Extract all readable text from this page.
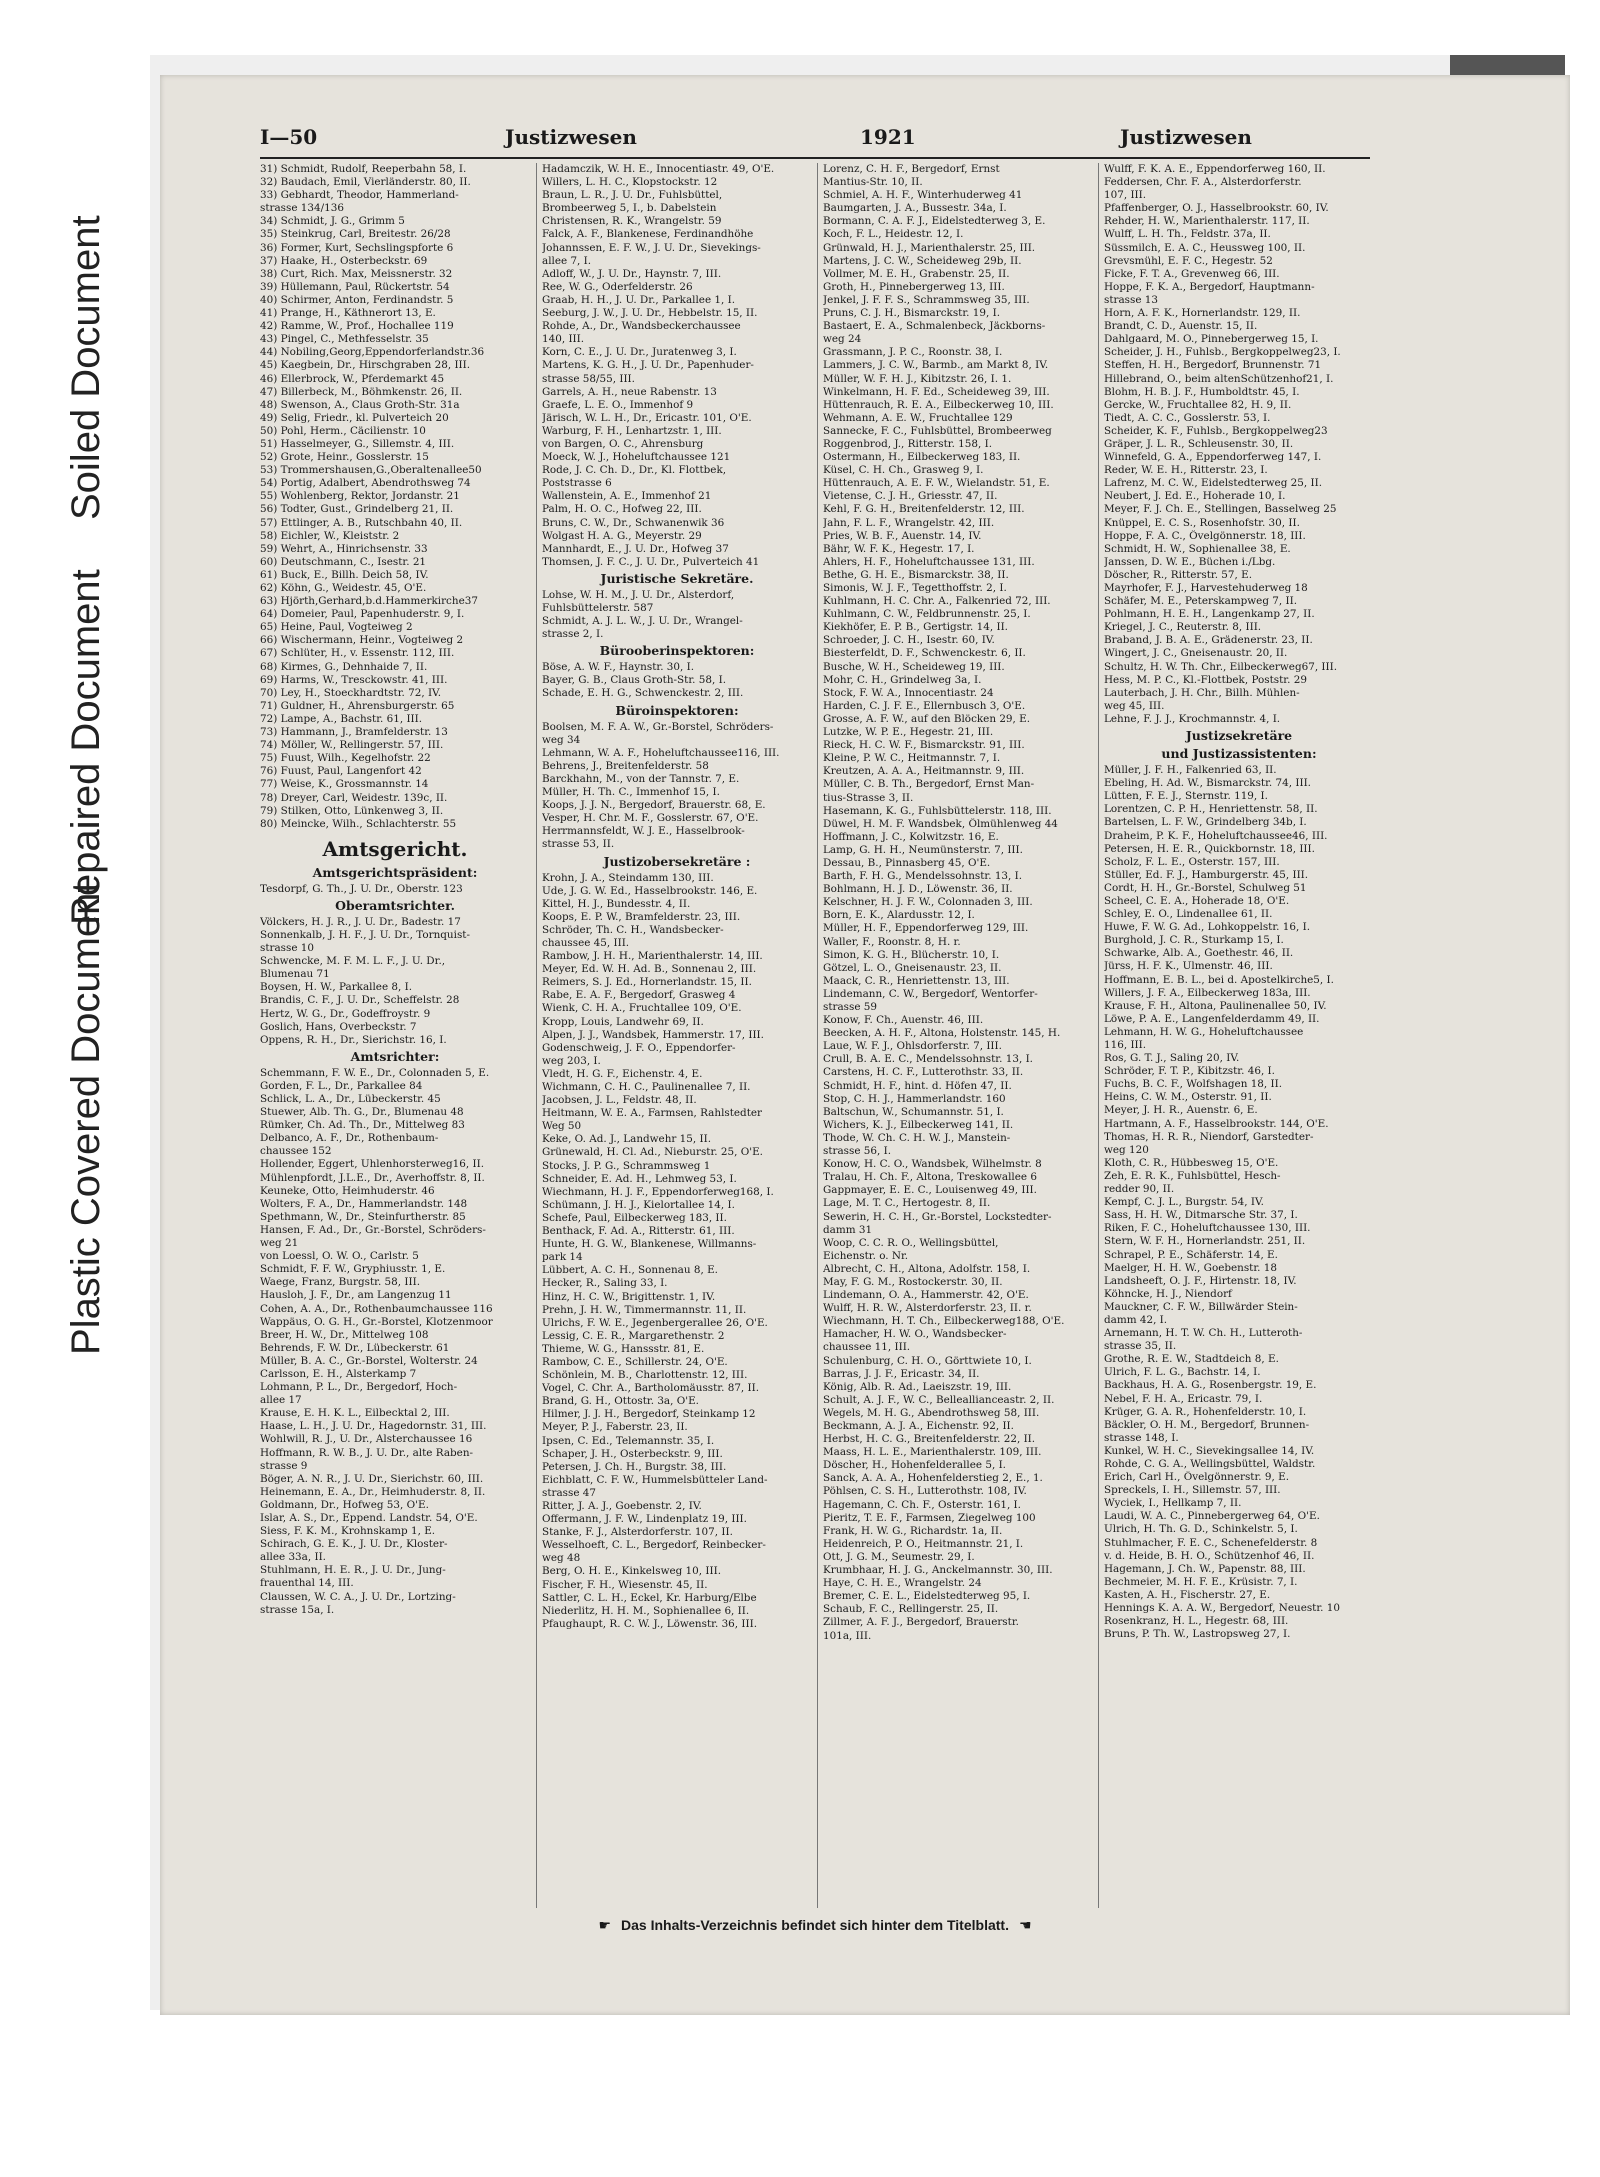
Plastic Covered Document
Repaired Document
Soiled Document
I—50	Justizwesen	1921	Justizwesen
31) Schmidt, Rudolf, Reeperbahn 58, I.
32) Baudach, Emil, Vierländerstr. 80, II.
33) Gebhardt, Theodor, Hammerland-
strasse 134/136
34) Schmidt, J. G., Grimm 5
35) Steinkrug, Carl, Breitestr. 26/28
36) Former, Kurt, Sechslingspforte 6
37) Haake, H., Osterbeckstr. 69
38) Curt, Rich. Max, Meissnerstr. 32
39) Hüllemann, Paul, Rückertstr. 54
40) Schirmer, Anton, Ferdinandstr. 5
41) Prange, H., Käthnerort 13, E.
42) Ramme, W., Prof., Hochallee 119
43) Pingel, C., Methfesselstr. 35
44) Nobiling,Georg,Eppendorferlandstr.36
45) Kaegbein, Dr., Hirschgraben 28, III.
46) Ellerbrock, W., Pferdemarkt 45
47) Billerbeck, M., Böhmkenstr. 26, II.
48) Swenson, A., Claus Groth-Str. 31a
49) Selig, Friedr., kl. Pulverteich 20
50) Pohl, Herm., Cäcilienstr. 10
51) Hasselmeyer, G., Sillemstr. 4, III.
52) Grote, Heinr., Gosslerstr. 15
53) Trommershausen,G.,Oberaltenallee50
54) Portig, Adalbert, Abendrothsweg 74
55) Wohlenberg, Rektor, Jordanstr. 21
56) Todter, Gust., Grindelberg 21, II.
57) Ettlinger, A. B., Rutschbahn 40, II.
58) Eichler, W., Kleiststr. 2
59) Wehrt, A., Hinrichsenstr. 33
60) Deutschmann, C., Isestr. 21
61) Buck, E., Billh. Deich 58, IV.
62) Köhn, G., Weidestr. 45, O'E.
63) Hjörth,Gerhard,b.d.Hammerkirche37
64) Domeier, Paul, Papenhuderstr. 9, I.
65) Heine, Paul, Vogteiweg 2
66) Wischermann, Heinr., Vogteiweg 2
67) Schlüter, H., v. Essenstr. 112, III.
68) Kirmes, G., Dehnhaide 7, II.
69) Harms, W., Tresckowstr. 41, III.
70) Ley, H., Stoeckhardtstr. 72, IV.
71) Guldner, H., Ahrensburgerstr. 65
72) Lampe, A., Bachstr. 61, III.
73) Hammann, J., Bramfelderstr. 13
74) Möller, W., Rellingerstr. 57, III.
75) Fuust, Wilh., Kegelhofstr. 22
76) Fuust, Paul, Langenfort 42
77) Weise, K., Grossmannstr. 14
78) Dreyer, Carl, Weidestr. 139c, II.
79) Stilken, Otto, Lünkenweg 3, II.
80) Meincke, Wilh., Schlachterstr. 55
Amtsgericht.
Amtsgerichtspräsident:
Tesdorpf, G. Th., J. U. Dr., Oberstr. 123
Oberamtsrichter.
Völckers, H. J. R., J. U. Dr., Badestr. 17
Sonnenkalb, J. H. F., J. U. Dr., Tornquist-
strasse 10
Schwencke, M. F. M. L. F., J. U. Dr.,
Blumenau 71
Boysen, H. W., Parkallee 8, I.
Brandis, C. F., J. U. Dr., Scheffelstr. 28
Hertz, W. G., Dr., Godeffroystr. 9
Goslich, Hans, Overbeckstr. 7
Oppens, R. H., Dr., Sierichstr. 16, I.
Amtsrichter:
Schemmann, F. W. E., Dr., Colonnaden 5, E.
Gorden, F. L., Dr., Parkallee 84
Schlick, L. A., Dr., Lübeckerstr. 45
Stuewer, Alb. Th. G., Dr., Blumenau 48
Rümker, Ch. Ad. Th., Dr., Mittelweg 83
Delbanco, A. F., Dr., Rothenbaum-
chaussee 152
Hollender, Eggert, Uhlenhorsterweg16, II.
Mühlenpfordt, J.L.E., Dr., Averhoffstr. 8, II.
Keuneke, Otto, Heimhuderstr. 46
Wolters, F. A., Dr., Hammerlandstr. 148
Spethmann, W., Dr., Steinfurtherstr. 85
Hansen, F. Ad., Dr., Gr.-Borstel, Schröders-
weg 21
von Loessl, O. W. O., Carlstr. 5
Schmidt, F. F. W., Gryphiusstr. 1, E.
Waege, Franz, Burgstr. 58, III.
Hausloh, J. F., Dr., am Langenzug 11
Cohen, A. A., Dr., Rothenbaumchaussee 116
Wappäus, O. G. H., Gr.-Borstel, Klotzenmoor
Breer, H. W., Dr., Mittelweg 108
Behrends, F. W. Dr., Lübeckerstr. 61
Müller, B. A. C., Gr.-Borstel, Wolterstr. 24
Carlsson, E. H., Alsterkamp 7
Lohmann, P. L., Dr., Bergedorf, Hoch-
allee 17
Krause, E. H. K. L., Eilbecktal 2, III.
Haase, L. H., J. U. Dr., Hagedornstr. 31, III.
Wohlwill, R. J., U. Dr., Alsterchaussee 16
Hoffmann, R. W. B., J. U. Dr., alte Raben-
strasse 9
Böger, A. N. R., J. U. Dr., Sierichstr. 60, III.
Heinemann, E. A., Dr., Heimhuderstr. 8, II.
Goldmann, Dr., Hofweg 53, O'E.
Islar, A. S., Dr., Eppend. Landstr. 54, O'E.
Siess, F. K. M., Krohnskamp 1, E.
Schirach, G. E. K., J. U. Dr., Kloster-
allee 33a, II.
Stuhlmann, H. E. R., J. U. Dr., Jung-
frauenthal 14, III.
Claussen, W. C. A., J. U. Dr., Lortzing-
strasse 15a, I.
Hadamczik, W. H. E., Innocentiastr. 49, O'E.
Willers, L. H. C., Klopstockstr. 12
Braun, L. R., J. U. Dr., Fuhlsbüttel,
Brombeerweg 5, I., b. Dabelstein
Christensen, R. K., Wrangelstr. 59
Falck, A. F., Blankenese, Ferdinandhöhe
Johannssen, E. F. W., J. U. Dr., Sievekings-
allee 7, I.
Adloff, W., J. U. Dr., Haynstr. 7, III.
Ree, W. G., Oderfelderstr. 26
Graab, H. H., J. U. Dr., Parkallee 1, I.
Seeburg, J. W., J. U. Dr., Hebbelstr. 15, II.
Rohde, A., Dr., Wandsbeckerchaussee
140, III.
Korn, C. E., J. U. Dr., Juratenweg 3, I.
Martens, K. G. H., J. U. Dr., Papenhuder-
strasse 58/55, III.
Garrels, A. H., neue Rabenstr. 13
Graefe, L. E. O., Immenhof 9
Järisch, W. L. H., Dr., Ericastr. 101, O'E.
Warburg, F. H., Lenhartzstr. 1, III.
von Bargen, O. C., Ahrensburg
Moeck, W. J., Hoheluftchaussee 121
Rode, J. C. Ch. D., Dr., Kl. Flottbek,
Poststrasse 6
Wallenstein, A. E., Immenhof 21
Palm, H. O. C., Hofweg 22, III.
Bruns, C. W., Dr., Schwanenwik 36
Wolgast H. A. G., Meyerstr. 29
Mannhardt, E., J. U. Dr., Hofweg 37
Thomsen, J. F. C., J. U. Dr., Pulverteich 41
Juristische Sekretäre.
Lohse, W. H. M., J. U. Dr., Alsterdorf,
Fuhlsbüttelerstr. 587
Schmidt, A. J. L. W., J. U. Dr., Wrangel-
strasse 2, I.
Bürooberinspektoren:
Böse, A. W. F., Haynstr. 30, I.
Bayer, G. B., Claus Groth-Str. 58, I.
Schade, E. H. G., Schwenckestr. 2, III.
Büroinspektoren:
Boolsen, M. F. A. W., Gr.-Borstel, Schröders-
weg 34
Lehmann, W. A. F., Hoheluftchaussee116, III.
Behrens, J., Breitenfelderstr. 58
Barckhahn, M., von der Tannstr. 7, E.
Müller, H. Th. C., Immenhof 15, I.
Koops, J. J. N., Bergedorf, Brauerstr. 68, E.
Vesper, H. Chr. M. F., Gosslerstr. 67, O'E.
Herrmannsfeldt, W. J. E., Hasselbrook-
strasse 53, II.
Justizobersekretäre :
Krohn, J. A., Steindamm 130, III.
Ude, J. G. W. Ed., Hasselbrookstr. 146, E.
Kittel, H. J., Bundesstr. 4, II.
Koops, E. P. W., Bramfelderstr. 23, III.
Schröder, Th. C. H., Wandsbecker-
chaussee 45, III.
Rambow, J. H. H., Marienthalerstr. 14, III.
Meyer, Ed. W. H. Ad. B., Sonnenau 2, III.
Reimers, S. J. Ed., Hornerlandstr. 15, II.
Rabe, E. A. F., Bergedorf, Grasweg 4
Wienk, C. H. A., Fruchtallee 109, O'E.
Kropp, Louis, Landwehr 69, II.
Alpen, J. J., Wandsbek, Hammerstr. 17, III.
Godenschweig, J. F. O., Eppendorfer-
weg 203, I.
Vledt, H. G. F., Eichenstr. 4, E.
Wichmann, C. H. C., Paulinenallee 7, II.
Jacobsen, J. L., Feldstr. 48, II.
Heitmann, W. E. A., Farmsen, Rahlstedter
Weg 50
Keke, O. Ad. J., Landwehr 15, II.
Grünewald, H. Cl. Ad., Nieburstr. 25, O'E.
Stocks, J. P. G., Schrammsweg 1
Schneider, E. Ad. H., Lehmweg 53, I.
Wiechmann, H. J. F., Eppendorferweg168, I.
Schümann, J. H. J., Kielortallee 14, I.
Schefe, Paul, Eilbeckerweg 183, II.
Benthack, F. Ad. A., Ritterstr. 61, III.
Hunte, H. G. W., Blankenese, Willmanns-
park 14
Lübbert, A. C. H., Sonnenau 8, E.
Hecker, R., Saling 33, I.
Hinz, H. C. W., Brigittenstr. 1, IV.
Prehn, J. H. W., Timmermannstr. 11, II.
Ulrichs, F. W. E., Jegenbergerallee 26, O'E.
Lessig, C. E. R., Margarethenstr. 2
Thieme, W. G., Hanssstr. 81, E.
Rambow, C. E., Schillerstr. 24, O'E.
Schönlein, M. B., Charlottenstr. 12, III.
Vogel, C. Chr. A., Bartholomäusstr. 87, II.
Brand, G. H., Ottostr. 3a, O'E.
Hilmer, J. J. H., Bergedorf, Steinkamp 12
Meyer, P. J., Faberstr. 23, II.
Ipsen, C. Ed., Telemannstr. 35, I.
Schaper, J. H., Osterbeckstr. 9, III.
Petersen, J. Ch. H., Burgstr. 38, III.
Eichblatt, C. F. W., Hummelsbütteler Land-
strasse 47
Ritter, J. A. J., Goebenstr. 2, IV.
Offermann, J. F. W., Lindenplatz 19, III.
Stanke, F. J., Alsterdorferstr. 107, II.
Wesselhoeft, C. L., Bergedorf, Reinbecker-
weg 48
Berg, O. H. E., Kinkelsweg 10, III.
Fischer, F. H., Wiesenstr. 45, II.
Sattler, C. L. H., Eckel, Kr. Harburg/Elbe
Niederlitz, H. H. M., Sophienallee 6, II.
Pfaughaupt, R. C. W. J., Löwenstr. 36, III.
Lorenz, C. H. F., Bergedorf, Ernst
Mantius-Str. 10, II.
Schmiel, A. H. F., Winterhuderweg 41
Baumgarten, J. A., Bussestr. 34a, I.
Bormann, C. A. F. J., Eidelstedterweg 3, E.
Koch, F. L., Heidestr. 12, I.
Grünwald, H. J., Marienthalerstr. 25, III.
Martens, J. C. W., Scheideweg 29b, II.
Vollmer, M. E. H., Grabenstr. 25, II.
Groth, H., Pinnebergerweg 13, III.
Jenkel, J. F. F. S., Schrammsweg 35, III.
Pruns, C. J. H., Bismarckstr. 19, I.
Bastaert, E. A., Schmalenbeck, Jäckborns-
weg 24
Grassmann, J. P. C., Roonstr. 38, I.
Lammers, J. C. W., Barmb., am Markt 8, IV.
Müller, W. F. H. J., Kibitzstr. 26, I. 1.
Winkelmann, H. F. Ed., Scheideweg 39, III.
Hüttenrauch, R. E. A., Eilbeckerweg 10, III.
Wehmann, A. E. W., Fruchtallee 129
Sannecke, F. C., Fuhlsbüttel, Brombeerweg
Roggenbrod, J., Ritterstr. 158, I.
Ostermann, H., Eilbeckerweg 183, II.
Küsel, C. H. Ch., Grasweg 9, I.
Hüttenrauch, A. E. F. W., Wielandstr. 51, E.
Vietense, C. J. H., Griesstr. 47, II.
Kehl, F. G. H., Breitenfelderstr. 12, III.
Jahn, F. L. F., Wrangelstr. 42, III.
Pries, W. B. F., Auenstr. 14, IV.
Bähr, W. F. K., Hegestr. 17, I.
Ahlers, H. F., Hoheluftchaussee 131, III.
Bethe, G. H. E., Bismarckstr. 38, II.
Simonis, W. J. F., Tegetthoffstr. 2, I.
Kuhlmann, H. C. Chr. A., Falkenried 72, III.
Kuhlmann, C. W., Feldbrunnenstr. 25, I.
Kiekhöfer, E. P. B., Gertigstr. 14, II.
Schroeder, J. C. H., Isestr. 60, IV.
Biesterfeldt, D. F., Schwenckestr. 6, II.
Busche, W. H., Scheideweg 19, III.
Mohr, C. H., Grindelweg 3a, I.
Stock, F. W. A., Innocentiastr. 24
Harden, C. J. F. E., Ellernbusch 3, O'E.
Grosse, A. F. W., auf den Blöcken 29, E.
Lutzke, W. P. E., Hegestr. 21, III.
Rieck, H. C. W. F., Bismarckstr. 91, III.
Kleine, P. W. C., Heitmannstr. 7, I.
Kreutzen, A. A. A., Heitmannstr. 9, III.
Müller, C. B. Th., Bergedorf, Ernst Man-
tius-Strasse 3, II.
Hasemann, K. G., Fuhlsbüttelerstr. 118, III.
Düwel, H. M. F. Wandsbek, Ölmühlenweg 44
Hoffmann, J. C., Kolwitzstr. 16, E.
Lamp, G. H. H., Neumünsterstr. 7, III.
Dessau, B., Pinnasberg 45, O'E.
Barth, F. H. G., Mendelssohnstr. 13, I.
Bohlmann, H. J. D., Löwenstr. 36, II.
Kelschner, H. J. F. W., Colonnaden 3, III.
Born, E. K., Alardusstr. 12, I.
Müller, H. F., Eppendorferweg 129, III.
Waller, F., Roonstr. 8, H. r.
Simon, K. G. H., Blücherstr. 10, I.
Götzel, L. O., Gneisenaustr. 23, II.
Maack, C. R., Henriettenstr. 13, III.
Lindemann, C. W., Bergedorf, Wentorfer-
strasse 59
Konow, F. Ch., Auenstr. 46, III.
Beecken, A. H. F., Altona, Holstenstr. 145, H.
Laue, W. F. J., Ohlsdorferstr. 7, III.
Crull, B. A. E. C., Mendelssohnstr. 13, I.
Carstens, H. C. F., Lutterothstr. 33, II.
Schmidt, H. F., hint. d. Höfen 47, II.
Stop, C. H. J., Hammerlandstr. 160
Baltschun, W., Schumannstr. 51, I.
Wichers, K. J., Eilbeckerweg 141, II.
Thode, W. Ch. C. H. W. J., Manstein-
strasse 56, I.
Konow, H. C. O., Wandsbek, Wilhelmstr. 8
Tralau, H. Ch. F., Altona, Treskowallee 6
Gappmayer, E. E. C., Louisenweg 49, III.
Lage, M. T. C., Hertogestr. 8, II.
Sewerin, H. C. H., Gr.-Borstel, Lockstedter-
damm 31
Woop, C. C. R. O., Wellingsbüttel,
Eichenstr. o. Nr.
Albrecht, C. H., Altona, Adolfstr. 158, I.
May, F. G. M., Rostockerstr. 30, II.
Lindemann, O. A., Hammerstr. 42, O'E.
Wulff, H. R. W., Alsterdorferstr. 23, II. r.
Wiechmann, H. T. Ch., Eilbeckerweg188, O'E.
Hamacher, H. W. O., Wandsbecker-
chaussee 11, III.
Schulenburg, C. H. O., Görttwiete 10, I.
Barras, J. J. F., Ericastr. 34, II.
König, Alb. R. Ad., Laeiszstr. 19, III.
Schult, A. J. F., W. C., Belleallianceastr. 2, II.
Wegels, M. H. G., Abendrothsweg 58, III.
Beckmann, A. J. A., Eichenstr. 92, II.
Herbst, H. C. G., Breitenfelderstr. 22, II.
Maass, H. L. E., Marienthalerstr. 109, III.
Döscher, H., Hohenfelderallee 5, I.
Sanck, A. A. A., Hohenfelderstieg 2, E., 1.
Pöhlsen, C. S. H., Lutterothstr. 108, IV.
Hagemann, C. Ch. F., Osterstr. 161, I.
Pieritz, T. E. F., Farmsen, Ziegelweg 100
Frank, H. W. G., Richardstr. 1a, II.
Heidenreich, P. O., Heitmannstr. 21, I.
Ott, J. G. M., Seumestr. 29, I.
Krumbhaar, H. J. G., Anckelmannstr. 30, III.
Haye, C. H. E., Wrangelstr. 24
Bremer, C. E. L., Eidelstedterweg 95, I.
Schaub, F. C., Rellingerstr. 25, II.
Zillmer, A. F. J., Bergedorf, Brauerstr.
101a, III.
Wulff, F. K. A. E., Eppendorferweg 160, II.
Feddersen, Chr. F. A., Alsterdorferstr.
107, III.
Pfaffenberger, O. J., Hasselbrookstr. 60, IV.
Rehder, H. W., Marienthalerstr. 117, II.
Wulff, L. H. Th., Feldstr. 37a, II.
Süssmilch, E. A. C., Heussweg 100, II.
Grevsmühl, E. F. C., Hegestr. 52
Ficke, F. T. A., Grevenweg 66, III.
Hoppe, F. K. A., Bergedorf, Hauptmann-
strasse 13
Horn, A. F. K., Hornerlandstr. 129, II.
Brandt, C. D., Auenstr. 15, II.
Dahlgaard, M. O., Pinnebergerweg 15, I.
Scheider, J. H., Fuhlsb., Bergkoppelweg23, I.
Steffen, H. H., Bergedorf, Brunnenstr. 71
Hillebrand, O., beim altenSchützenhof21, I.
Blohm, H. B. J. F., Humboldtstr. 45, I.
Gercke, W., Fruchtallee 82, H. 9, II.
Tiedt, A. C. C., Gosslerstr. 53, I.
Scheider, K. F., Fuhlsb., Bergkoppelweg23
Gräper, J. L. R., Schleusenstr. 30, II.
Winnefeld, G. A., Eppendorferweg 147, I.
Reder, W. E. H., Ritterstr. 23, I.
Lafrenz, M. C. W., Eidelstedterweg 25, II.
Neubert, J. Ed. E., Hoherade 10, I.
Meyer, F. J. Ch. E., Stellingen, Basselweg 25
Knüppel, E. C. S., Rosenhofstr. 30, II.
Hoppe, F. A. C., Övelgönnerstr. 18, III.
Schmidt, H. W., Sophienallee 38, E.
Janssen, D. W. E., Büchen i./Lbg.
Döscher, R., Ritterstr. 57, E.
Mayrhofer, F. J., Harvestehuderweg 18
Schäfer, M. E., Peterskampweg 7, II.
Pohlmann, H. E. H., Langenkamp 27, II.
Kriegel, J. C., Reuterstr. 8, III.
Braband, J. B. A. E., Grädenerstr. 23, II.
Wingert, J. C., Gneisenaustr. 20, II.
Schultz, H. W. Th. Chr., Eilbeckerweg67, III.
Hess, M. P. C., Kl.-Flottbek, Poststr. 29
Lauterbach, J. H. Chr., Billh. Mühlen-
weg 45, III.
Lehne, F. J. J., Krochmannstr. 4, I.
Justizsekretäre
und Justizassistenten:
Müller, J. F. H., Falkenried 63, II.
Ebeling, H. Ad. W., Bismarckstr. 74, III.
Lütten, F. E. J., Sternstr. 119, I.
Lorentzen, C. P. H., Henriettenstr. 58, II.
Bartelsen, L. F. W., Grindelberg 34b, I.
Draheim, P. K. F., Hoheluftchaussee46, III.
Petersen, H. E. R., Quickbornstr. 18, III.
Scholz, F. L. E., Osterstr. 157, III.
Stüller, Ed. F. J., Hamburgerstr. 45, III.
Cordt, H. H., Gr.-Borstel, Schulweg 51
Scheel, C. E. A., Hoherade 18, O'E.
Schley, E. O., Lindenallee 61, II.
Huwe, F. W. G. Ad., Lohkoppelstr. 16, I.
Burghold, J. C. R., Sturkamp 15, I.
Schwarke, Alb. A., Goethestr. 46, II.
Jürss, H. F. K., Ulmenstr. 46, III.
Hoffmann, E. B. L., bei d. Apostelkirche5, I.
Willers, J. F. A., Eilbeckerweg 183a, III.
Krause, F. H., Altona, Paulinenallee 50, IV.
Löwe, P. A. E., Langenfelderdamm 49, II.
Lehmann, H. W. G., Hoheluftchaussee
116, III.
Ros, G. T. J., Saling 20, IV.
Schröder, F. T. P., Kibitzstr. 46, I.
Fuchs, B. C. F., Wolfshagen 18, II.
Heins, C. W. M., Osterstr. 91, II.
Meyer, J. H. R., Auenstr. 6, E.
Hartmann, A. F., Hasselbrookstr. 144, O'E.
Thomas, H. R. R., Niendorf, Garstedter-
weg 120
Kloth, C. R., Hübbesweg 15, O'E.
Zeh, E. R. K., Fuhlsbüttel, Hesch-
redder 90, II.
Kempf, C. J. L., Burgstr. 54, IV.
Sass, H. H. W., Ditmarsche Str. 37, I.
Riken, F. C., Hoheluftchaussee 130, III.
Stern, W. F. H., Hornerlandstr. 251, II.
Schrapel, P. E., Schäferstr. 14, E.
Maelger, H. H. W., Goebenstr. 18
Landsheeft, O. J. F., Hirtenstr. 18, IV.
Köhncke, H. J., Niendorf
Mauckner, C. F. W., Billwärder Stein-
damm 42, I.
Arnemann, H. T. W. Ch. H., Lutteroth-
strasse 35, II.
Grothe, R. E. W., Stadtdeich 8, E.
Ulrich, F. L. G., Bachstr. 14, I.
Backhaus, H. A. G., Rosenbergstr. 19, E.
Nebel, F. H. A., Ericastr. 79, I.
Krüger, G. A. R., Hohenfelderstr. 10, I.
Bäckler, O. H. M., Bergedorf, Brunnen-
strasse 148, I.
Kunkel, W. H. C., Sievekingsallee 14, IV.
Rohde, C. G. A., Wellingsbüttel, Waldstr.
Erich, Carl H., Övelgönnerstr. 9, E.
Spreckels, I. H., Sillemstr. 57, III.
Wyciek, I., Hellkamp 7, II.
Laudi, W. A. C., Pinnebergerweg 64, O'E.
Ulrich, H. Th. G. D., Schinkelstr. 5, I.
Stuhlmacher, F. E. C., Schenefelderstr. 8
v. d. Heide, B. H. O., Schützenhof 46, II.
Hagemann, J. Ch. W., Papenstr. 88, III.
Bechmeier, M. H. F. E., Krüsistr. 7, I.
Kasten, A. H., Fischerstr. 27, E.
Hennings K. A. A. W., Bergedorf, Neuestr. 10
Rosenkranz, H. L., Hegestr. 68, III.
Bruns, P. Th. W., Lastropsweg 27, I.
☛ Das Inhalts-Verzeichnis befindet sich hinter dem Titelblatt. ☚
